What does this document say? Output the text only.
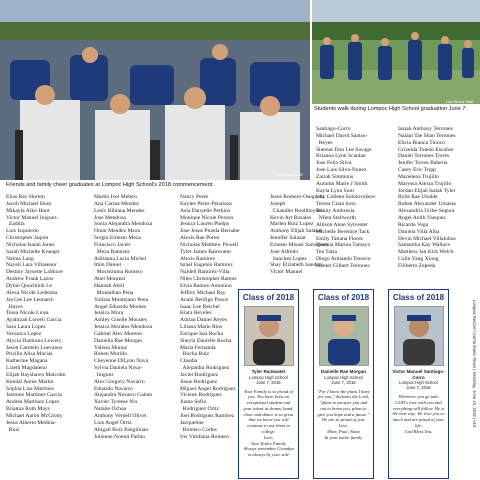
Len Wood Staff
Friends and family cheer graduates at Lompoc High School's 2018 commencement.
Len Wood Staff
Students walk during Lompoc High School graduation June 7.
Elias Rey Horton
Jacob Michael Hunt
Mikayla Aiko Hunt
Victor Manuel Iniguez-
Zadilla
Luis Izquierdo
Christopher Jaquin
Nicholas Isaiah Jones
Sarah Michelle Krueger
Naima Lang
Nayeli Lara Villasenor
Destiny Jaysette LaShore
Andrew Frank Lazos
Dylan Quochlinh Le
Alexa Nicole Ledesma
JayCee Lee Leonard-
Hayes
Tessa Nicole Licea
Ayatirzah Loreeli Garcia
Sara Laura Lopez
Veronica Lopez
Alycia Damiona Lowery
Jason Carmelo Luevanos
Pricilla Alisa Macias
Katherine Magana
Lizeth Magdaleno
Elijah Rayshawn Malcolm
Kendal Annie Martin
Sophia Lisa Martinez
Jasmine Martinez Garcia
Andrea Martinez Lopez
Brianna Ruth Mays
Michael Aaron McGlotty
Jesus Alberto Medina-
Ruiz
Martin Ivel Melero
Ana Carina Mendez
Leslv Bibiana Mendez
Jose Mendoza
Sonia Alejandra Mendoza
Omar Mendez Meza
Sergio Ernesto Meza
Francisco Javier
Meza Ramirez
Adrianna Lucia Michel
Ithin Daniel
Moctezuma Romero
Abel Monreal
Hannah Abril
Montalban Pena
Yulissa Montejano Pena
Angel Eduardo Montes
Jessica Mora
Ashley Giselle Morales
Jessica Morales-Mendoza
Gabriel Alex Moreno
Daniella Rae Morgan
Yalissa Munoz
Ruben Murillo
Cheyenne DiLynn Nava
Sylvia Daniela Nava-
Iniguez
Alex Gregory Navarro
Eduardo Navarro
Alejandra Navarro Gaitan
Xavier Tyreese Nix
Natalie Ochoa
Anthony Vernell Olivet
Luis Angel Ortiz
Abigail Ruiz Pangilinan
Julienne Noemi Patino
Nancy Perez
Kaylee Perez-Penaloza
Asia Danyelle Perkins
Monique Nicole Person
Jessica Lauren Phelps
Jose Jesus Pineda Bernabe
Alexis Rae Porter
Nicholas Matthew Powell
Tyler James Rainwater
Alexis Ramirez
Israel Eugenio Ramirez
Naldell Ramirez-Villa
Niles Christopher Ramos
Elvia Ramos-Antonino
Jeffrey Michael Ray
Anahi Renfigo Ponce
Isaac Lee Reichel
Kiara Reveles
Adrian Daniel Reyes
Liliana Marie Rios
Enrique Isai Rocha
Sheyla Danielle Rocha
Maria Fernanda
Rocha Ruiz
Claudia
Alejandra Rodriguez
Javier Rodriguez
Josue Rodriguez
Miguel Angel Rodriguez
Vicente Rodriguez
Juana Sofia
Rodriguez Ortiz
Joel Rodriguez Ramirez
Jacqueline
Romero Cortes
Iris Viridiana Romero
Jesus Romero-Osegueta
Joseph
Chandler Roolthuysen
Kevin Art Rosales
Marlen Ruiz Lopez
Anthony Elijah Salazar
Jennifer Salazar
Ernesto Misael Samaguey
Jose Alfredo
Sanchez Lopez
Shay Elizabeth Sanders
Victor Manuel
Santiago-Corro
Michael David Santos-
Reyes
Shemar Don Lee Savage
Brianna Lynn Scanlan
Jose Felix Silva
Jose Luis Silva-Nunez
Zariah Simmons
Autumn Marie J Smith
Kayla Lynn Soni
Lily Colleen Sololovnikov
Teresa Ciara Soto
Trinity Ambrosia
Nikta Stallworth
Allison Anne Sylvester
Michelle Berenice Tack
Emily Tatiana Flores
Yesenia Marina Tamayo
Tea Tasia
Diego Armando Tenorio
Hunter Gilbert Terrones
Isaiah Anthony Terrones
Nalani Tae Shan Terrones
Elicia Bianca Tinoco
Grizelda Toledo Escobar
Daniel Terrones Torres
Jenifer Torres Baheria
Casey Eric Tripp
Marielena Trujillo
Maryssa Alexia Trujillo
Jordan Elijah Isaiah Tyler
Rylie Rae Uhalde
Ruben Alexander Umaeta
Alexandria Uribe-Segura
Angel Anith Vazquez
Ricardo Vega
Daniela Villa Alba
Devin Michael Villalobos
Samantha Kay Wallace
Matthew Ian Kirk Welch
Colin Yang Xiong
Filiberto Zepeda
Class of 2018
Tyler Rainwater
Lompoc High School
June 7, 2018
Your Family is so proud of you. You have been an exceptional student and your talent in drums, band, choir and dance is so great that we know you will continue to use them in college.
Love,
Your Entire Family
Always remember Grandpa is always by your side
Class of 2018
Danielle Rae Morgan
Lompoc High School
June 7, 2018
"For I know the plans I have for you," declares the Lord, "plans to prosper you and not to harm you, plans to give you hope and a future." We are so proud of you.
Love,
Mom, Paul, Nana
& your entire family
Class of 2018
Victor Manuel Santiago-Corro
Lompoc High School
June 7, 2018
Wherever you go take GOD's love with you and everything will follow. He is the best way. We love you so much and are proud of your life.
God Bless You.
Lompoc Record / Santa Maria Times | Saturday, June 16, 2018 | A15
